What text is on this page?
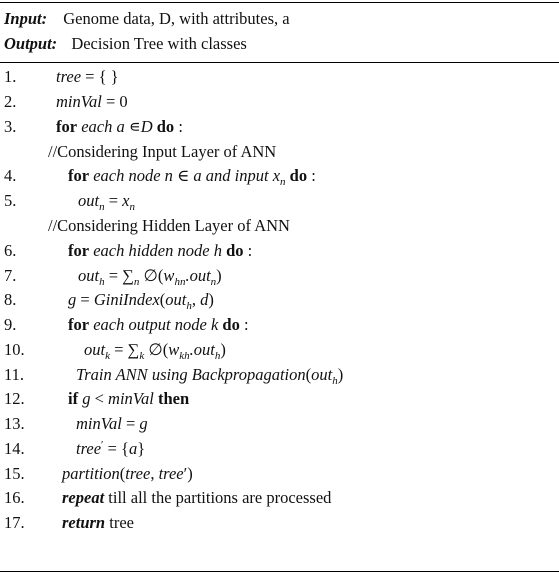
Input: Genome data, D, with attributes, a
Output: Decision Tree with classes
1. tree = { }
2. minVal = 0
3. for each a ∊D do :
//Considering Input Layer of ANN
4.	for each node n ∈ a and input $x_n$ do :
5.	$out_n = x_n$
//Considering Hidden Layer of ANN
6.	for each hidden node h do :
7.	$out_h = \sum_n$ $\emptyset(w_{hn}.out_n)$
8.	g = GiniIndex(out$_h$, d)
9.	for each output node k do :
10.	$out_k = \sum_k$ $\emptyset(w_{kh}.out_h)$
11.	Train ANN using Backpropagation(out$_h$)
12.	if g < minVal then
13.	minVal = g
14.	tree′ = {a}
15. partition(tree, tree′)
16. repeat till all the partitions are processed
17. return tree
